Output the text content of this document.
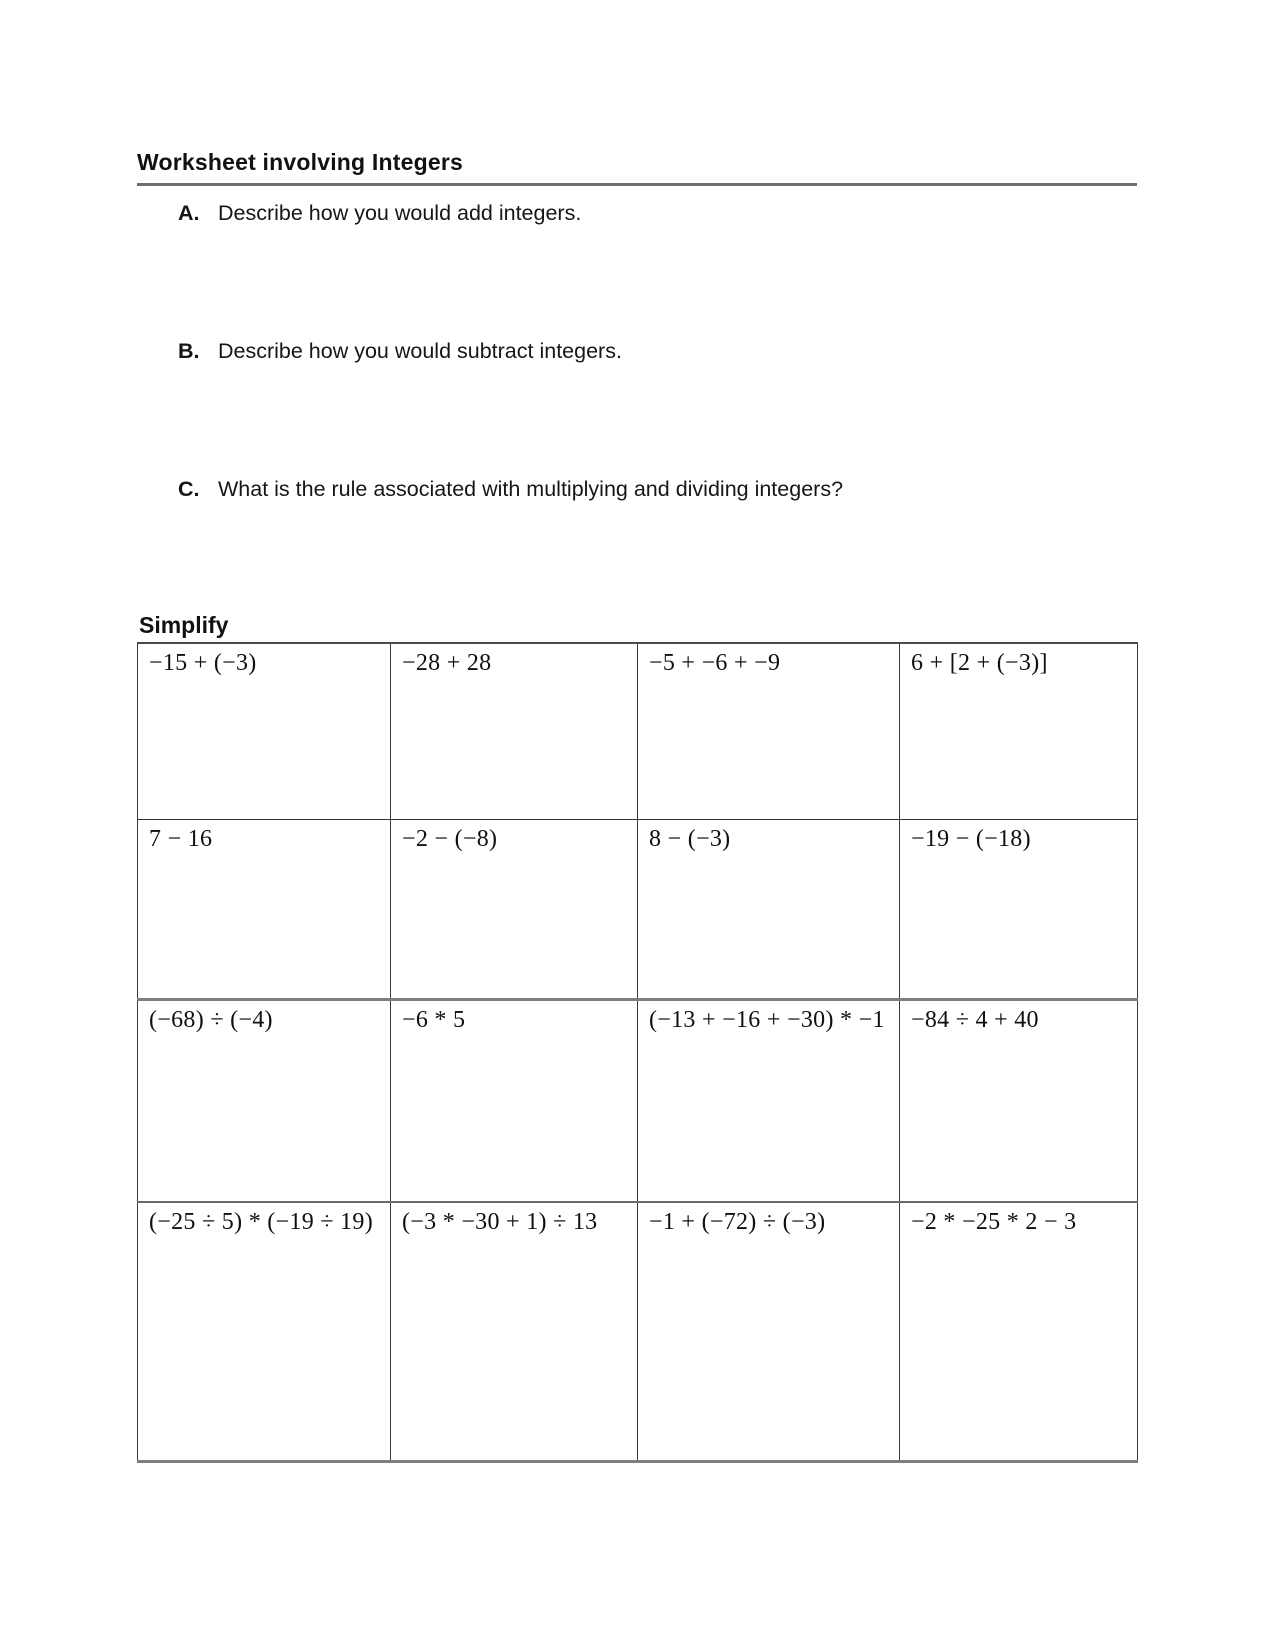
Worksheet involving Integers
A. Describe how you would add integers.
B. Describe how you would subtract integers.
C. What is the rule associated with multiplying and dividing integers?
Simplify
−15 + (−3)	−28 + 28	−5 + −6 + −9	6 + [2 + (−3)]
7 − 16	−2 − (−8)	8 − (−3)	−19 − (−18)
(−68) ÷ (−4)	−6 * 5	(−13 + −16 + −30) * −1	−84 ÷ 4 + 40
(−25 ÷ 5) * (−19 ÷ 19)	(−3 * −30 + 1) ÷ 13	−1 + (−72) ÷ (−3)	−2 * −25 * 2 − 3
